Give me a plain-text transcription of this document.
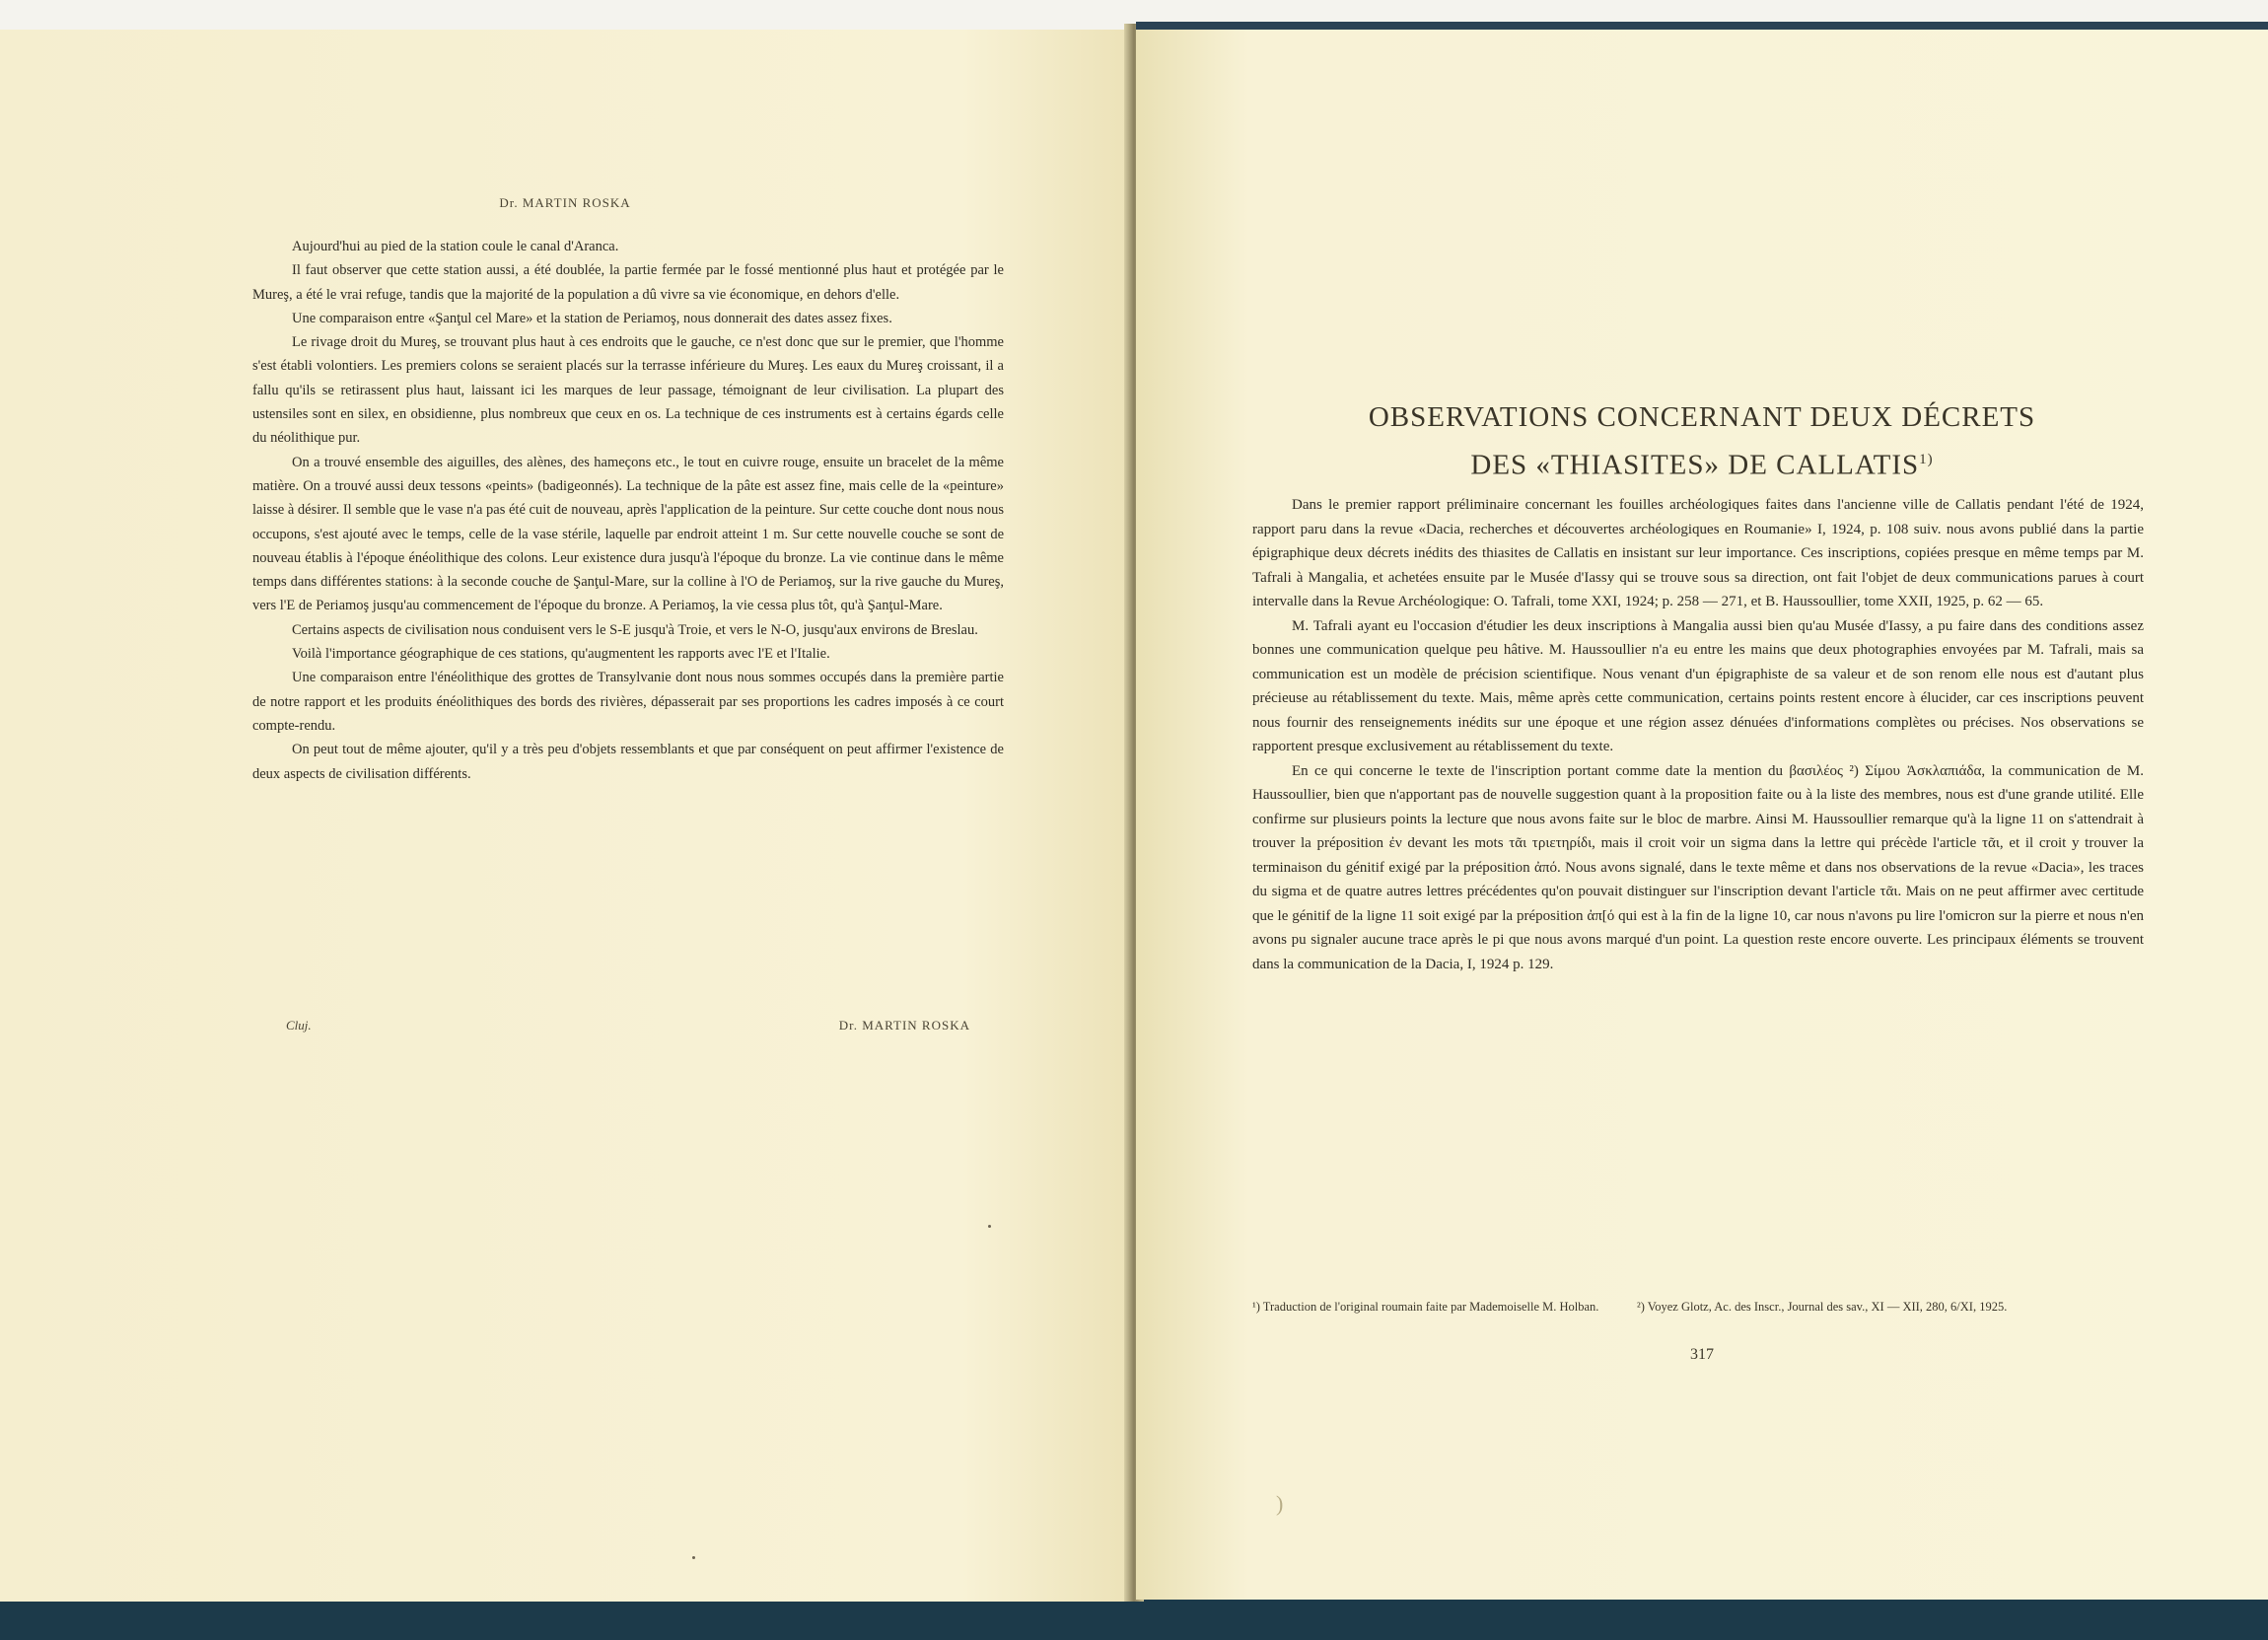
Dr. MARTIN ROSKA

Aujourd'hui au pied de la station coule le canal d'Aranca.

Il faut observer que cette station aussi, a été doublée, la partie fermée par le fossé mentionné plus haut et protégée par le Mureş, a été le vrai refuge, tandis que la majorité de la population a dû vivre sa vie économique, en dehors d'elle.

Une comparaison entre «Şanţul cel Mare» et la station de Periamoş, nous donnerait des dates assez fixes.

Le rivage droit du Mureş, se trouvant plus haut à ces endroits que le gauche, ce n'est donc que sur le premier, que l'homme s'est établi volontiers. Les premiers colons se seraient placés sur la terrasse inférieure du Mureş. Les eaux du Mureş croissant, il a fallu qu'ils se retirassent plus haut, laissant ici les marques de leur passage, témoignant de leur civilisation. La plupart des ustensiles sont en silex, en obsidienne, plus nombreux que ceux en os. La technique de ces instruments est à certains égards celle du néolithique pur.

On a trouvé ensemble des aiguilles, des alènes, des hameçons etc., le tout en cuivre rouge, ensuite un bracelet de la même matière. On a trouvé aussi deux tessons «peints» (badigeonnés). La technique de la pâte est assez fine, mais celle de la «peinture» laisse à désirer. Il semble que le vase n'a pas été cuit de nouveau, après l'application de la peinture. Sur cette couche dont nous nous occupons, s'est ajouté avec le temps, celle de la vase stérile, laquelle par endroit atteint 1 m. Sur cette nouvelle couche se sont de nouveau établis à l'époque énéolithique des colons. Leur existence dura jusqu'à l'époque du bronze. La vie continue dans le même temps dans différentes stations: à la seconde couche de Şanţul-Mare, sur la colline à l'O de Periamoş, sur la rive gauche du Mureş, vers l'E de Periamoş jusqu'au commencement de l'époque du bronze. A Periamoş, la vie cessa plus tôt, qu'à Şanţul-Mare.

Certains aspects de civilisation nous conduisent vers le S-E jusqu'à Troie, et vers le N-O, jusqu'aux environs de Breslau.

Voilà l'importance géographique de ces stations, qu'augmentent les rapports avec l'E et l'Italie.

Une comparaison entre l'énéolithique des grottes de Transylvanie dont nous nous sommes occupés dans la première partie de notre rapport et les produits énéolithiques des bords des rivières, dépasserait par ses proportions les cadres imposés à ce court compte-rendu.

On peut tout de même ajouter, qu'il y a très peu d'objets ressemblants et que par conséquent on peut affirmer l'existence de deux aspects de civilisation différents.

Cluj.	Dr. MARTIN ROSKA
OBSERVATIONS CONCERNANT DEUX DÉCRETS
DES «THIASITES» DE CALLATIS$^{1)}$

Dans le premier rapport préliminaire concernant les fouilles archéologiques faites dans l'ancienne ville de Callatis pendant l'été de 1924, rapport paru dans la revue «Dacia, recherches et découvertes archéologiques en Roumanie» I, 1924, p. 108 suiv. nous avons publié dans la partie épigraphique deux décrets inédits des thiasites de Callatis en insistant sur leur importance. Ces inscriptions, copiées presque en même temps par M. Tafrali à Mangalia, et achetées ensuite par le Musée d'Iassy qui se trouve sous sa direction, ont fait l'objet de deux communications parues à court intervalle dans la Revue Archéologique: O. Tafrali, tome XXI, 1924; p. 258 — 271, et B. Haussoullier, tome XXII, 1925, p. 62 — 65.

M. Tafrali ayant eu l'occasion d'étudier les deux inscriptions à Mangalia aussi bien qu'au Musée d'Iassy, a pu faire dans des conditions assez bonnes une communication quelque peu hâtive. M. Haussoullier n'a eu entre les mains que deux photographies envoyées par M. Tafrali, mais sa communication est un modèle de précision scientifique. Nous venant d'un épigraphiste de sa valeur et de son renom elle nous est d'autant plus précieuse au rétablissement du texte. Mais, même après cette communication, certains points restent encore à élucider, car ces inscriptions peuvent nous fournir des renseignements inédits sur une époque et une région assez dénuées d'informations complètes ou précises. Nos observations se rapportent presque exclusivement au rétablissement du texte.

En ce qui concerne le texte de l'inscription portant comme date la mention du βασιλέος ²) Σίμου Ἀσκλαπιάδα, la communication de M. Haussoullier, bien que n'apportant pas de nouvelle suggestion quant à la proposition faite ou à la liste des membres, nous est d'une grande utilité. Elle confirme sur plusieurs points la lecture que nous avons faite sur le bloc de marbre. Ainsi M. Haussoullier remarque qu'à la ligne 11 on s'attendrait à trouver la préposition ἐν devant les mots τᾶι τριετηρίδι, mais il croit voir un sigma dans la lettre qui précède l'article τᾶι, et il croit y trouver la terminaison du génitif exigé par la préposition ἀπό. Nous avons signalé, dans le texte même et dans nos observations de la revue «Dacia», les traces du sigma et de quatre autres lettres précédentes qu'on pouvait distinguer sur l'inscription devant l'article τᾶι. Mais on ne peut affirmer avec certitude que le génitif de la ligne 11 soit exigé par la préposition ἀπ[ό qui est à la fin de la ligne 10, car nous n'avons pu lire l'omicron sur la pierre et nous n'en avons pu signaler aucune trace après le pi que nous avons marqué d'un point. La question reste encore ouverte. Les principaux éléments se trouvent dans la communication de la Dacia, I, 1924 p. 129.

¹) Traduction de l'original roumain faite par Mademoiselle M. Holban.	²) Voyez Glotz, Ac. des Inscr., Journal des sav., XI — XII, 280, 6/XI, 1925.
317
)
